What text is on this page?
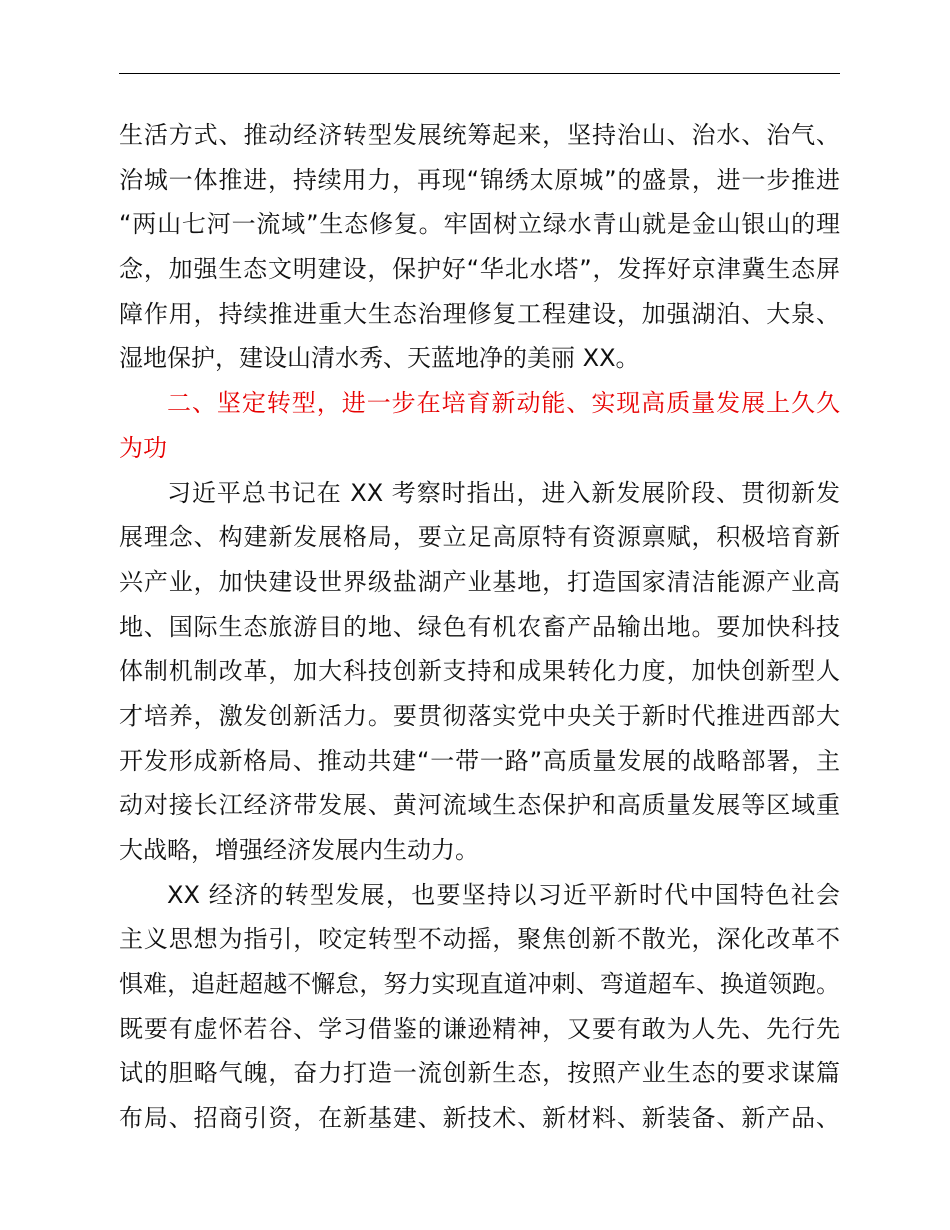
生活方式、推动经济转型发展统筹起来，坚持治山、治水、治气、
治城一体推进，持续用力，再现“锦绣太原城”的盛景，进一步推进
“两山七河一流域”生态修复。牢固树立绿水青山就是金山银山的理
念，加强生态文明建设，保护好“华北水塔”，发挥好京津冀生态屏
障作用，持续推进重大生态治理修复工程建设，加强湖泊、大泉、
湿地保护，建设山清水秀、天蓝地净的美丽 XX。
二、坚定转型，进一步在培育新动能、实现高质量发展上久久
为功
习近平总书记在 XX 考察时指出，进入新发展阶段、贯彻新发
展理念、构建新发展格局，要立足高原特有资源禀赋，积极培育新
兴产业，加快建设世界级盐湖产业基地，打造国家清洁能源产业高
地、国际生态旅游目的地、绿色有机农畜产品输出地。要加快科技
体制机制改革，加大科技创新支持和成果转化力度，加快创新型人
才培养，激发创新活力。要贯彻落实党中央关于新时代推进西部大
开发形成新格局、推动共建“一带一路”高质量发展的战略部署，主
动对接长江经济带发展、黄河流域生态保护和高质量发展等区域重
大战略，增强经济发展内生动力。
XX 经济的转型发展，也要坚持以习近平新时代中国特色社会
主义思想为指引，咬定转型不动摇，聚焦创新不散光，深化改革不
惧难，追赶超越不懈怠，努力实现直道冲刺、弯道超车、换道领跑。
既要有虚怀若谷、学习借鉴的谦逊精神，又要有敢为人先、先行先
试的胆略气魄，奋力打造一流创新生态，按照产业生态的要求谋篇
布局、招商引资，在新基建、新技术、新材料、新装备、新产品、
